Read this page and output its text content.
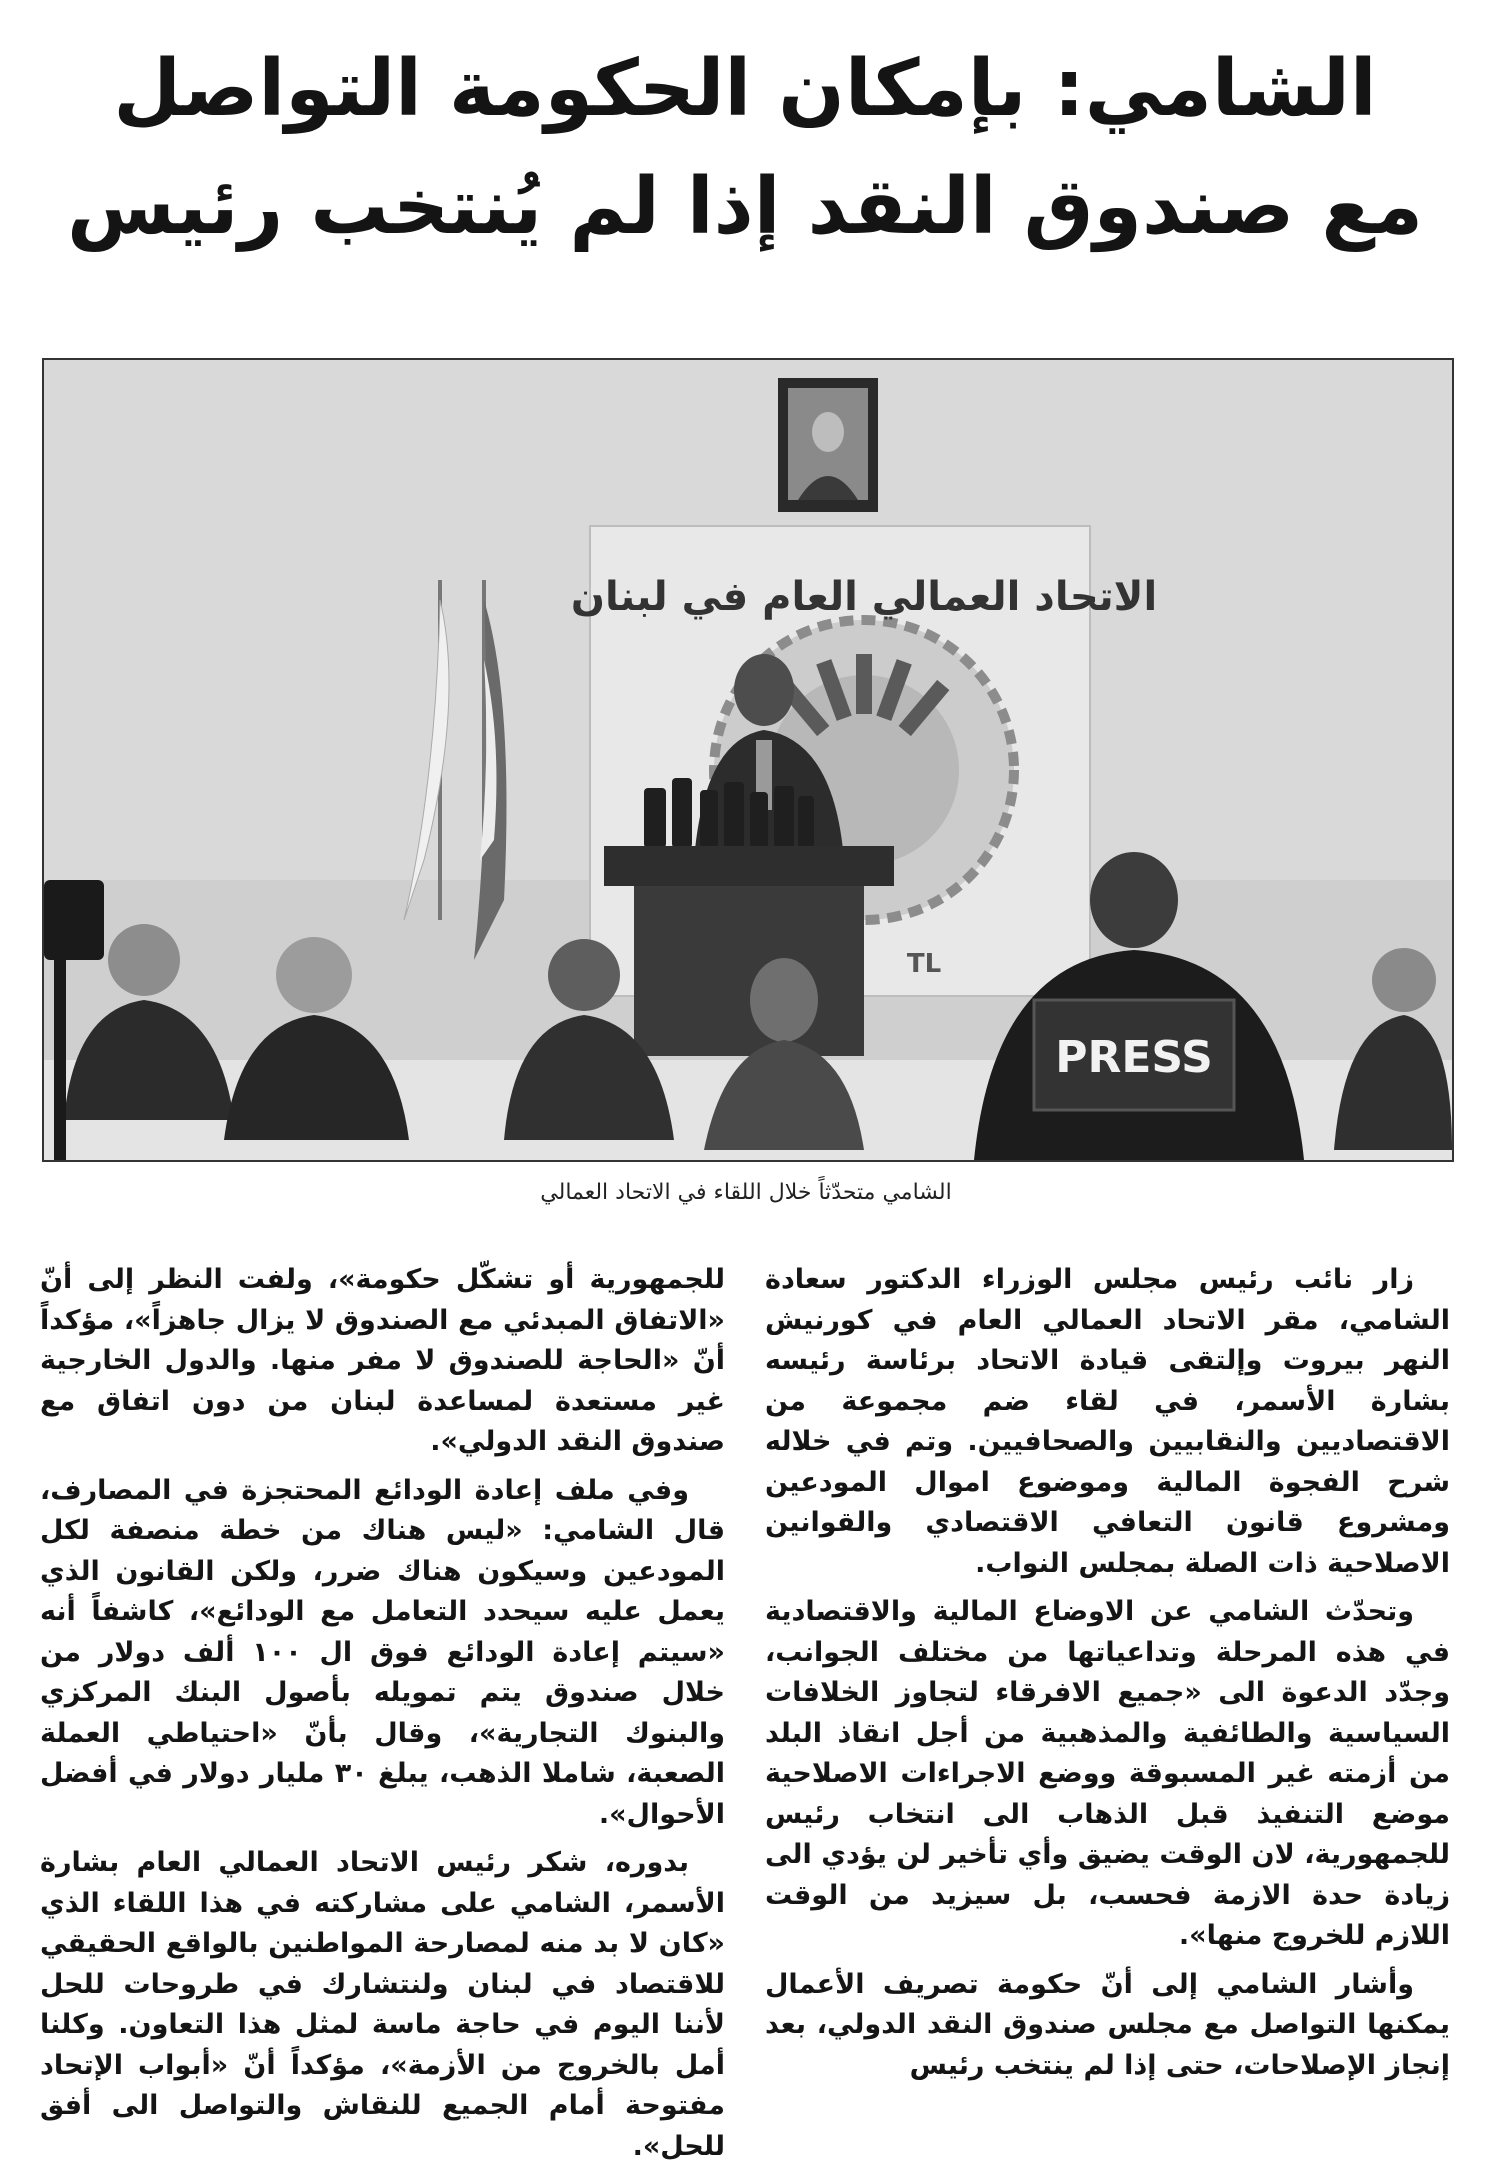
الشامي: بإمكان الحكومة التواصل
مع صندوق النقد إذا لم يُنتخب رئيس
الاتحاد العمالي العام في لبنان
TL
PRESS
الشامي متحدّثاً خلال اللقاء في الاتحاد العمالي

زار نائب رئيس مجلس الوزراء الدكتور سعادة الشامي، مقر الاتحاد العمالي العام في كورنيش النهر بيروت وإلتقى قيادة الاتحاد برئاسة رئيسه بشارة الأسمر، في لقاء ضم مجموعة من الاقتصاديين والنقابيين والصحافيين. وتم في خلاله شرح الفجوة المالية وموضوع اموال المودعين ومشروع قانون التعافي الاقتصادي والقوانين الاصلاحية ذات الصلة بمجلس النواب.

وتحدّث الشامي عن الاوضاع المالية والاقتصادية في هذه المرحلة وتداعياتها من مختلف الجوانب، وجدّد الدعوة الى «جميع الافرقاء لتجاوز الخلافات السياسية والطائفية والمذهبية من أجل انقاذ البلد من أزمته غير المسبوقة ووضع الاجراءات الاصلاحية موضع التنفيذ قبل الذهاب الى انتخاب رئيس للجمهورية، لان الوقت يضيق وأي تأخير لن يؤدي الى زيادة حدة الازمة فحسب، بل سيزيد من الوقت اللازم للخروج منها».

وأشار الشامي إلى أنّ حكومة تصريف الأعمال يمكنها التواصل مع مجلس صندوق النقد الدولي، بعد إنجاز الإصلاحات، حتى إذا لم ينتخب رئيس

للجمهورية أو تشكّل حكومة»، ولفت النظر إلى أنّ «الاتفاق المبدئي مع الصندوق لا يزال جاهزاً»، مؤكداً أنّ «الحاجة للصندوق لا مفر منها. والدول الخارجية غير مستعدة لمساعدة لبنان من دون اتفاق مع صندوق النقد الدولي».

وفي ملف إعادة الودائع المحتجزة في المصارف، قال الشامي: «ليس هناك من خطة منصفة لكل المودعين وسيكون هناك ضرر، ولكن القانون الذي يعمل عليه سيحدد التعامل مع الودائع»، كاشفاً أنه «سيتم إعادة الودائع فوق ال ١٠٠ ألف دولار من خلال صندوق يتم تمويله بأصول البنك المركزي والبنوك التجارية»، وقال بأنّ «احتياطي العملة الصعبة، شاملا الذهب، يبلغ ٣٠ مليار دولار في أفضل الأحوال».

بدوره، شكر رئيس الاتحاد العمالي العام بشارة الأسمر، الشامي على مشاركته في هذا اللقاء الذي «كان لا بد منه لمصارحة المواطنين بالواقع الحقيقي للاقتصاد في لبنان ولنتشارك في طروحات للحل لأننا اليوم في حاجة ماسة لمثل هذا التعاون. وكلنا أمل بالخروج من الأزمة»، مؤكداً أنّ «أبواب الإتحاد مفتوحة أمام الجميع للنقاش والتواصل الى أفق للحل».
